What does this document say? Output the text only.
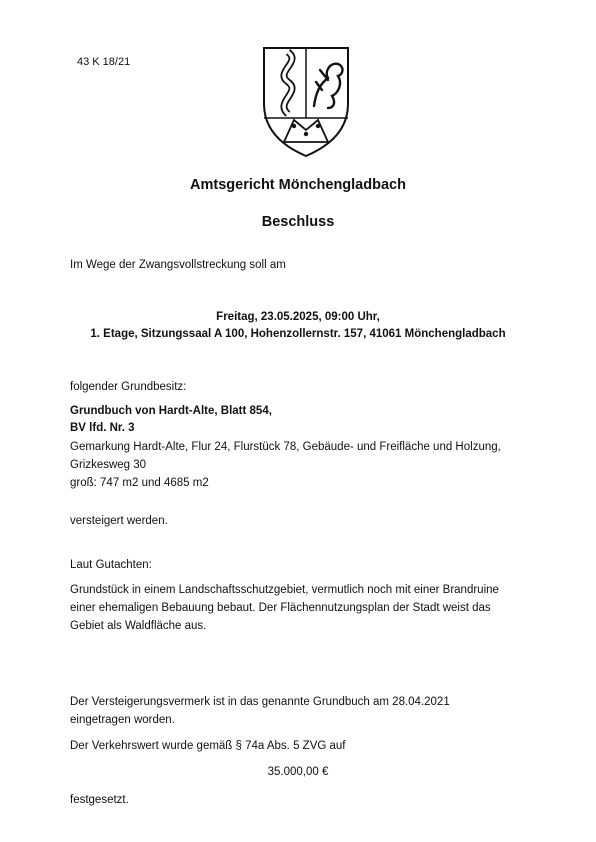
43 K 18/21
Amtsgericht Mönchengladbach
Beschluss
Im Wege der Zwangsvollstreckung soll am
Freitag, 23.05.2025, 09:00 Uhr,
1. Etage, Sitzungssaal A 100, Hohenzollernstr. 157, 41061 Mönchengladbach
folgender Grundbesitz:
Grundbuch von Hardt-Alte, Blatt 854,
BV lfd. Nr. 3
Gemarkung Hardt-Alte, Flur 24, Flurstück 78, Gebäude- und Freifläche und Holzung,
Grizkesweg 30
groß: 747 m2 und 4685 m2
versteigert werden.
Laut Gutachten:
Grundstück in einem Landschaftsschutzgebiet, vermutlich noch mit einer Brandruine
einer ehemaligen Bebauung bebaut. Der Flächennutzungsplan der Stadt weist das
Gebiet als Waldfläche aus.
Der Versteigerungsvermerk ist in das genannte Grundbuch am 28.04.2021
eingetragen worden.
Der Verkehrswert wurde gemäß § 74a Abs. 5 ZVG auf
35.000,00 €
festgesetzt.
